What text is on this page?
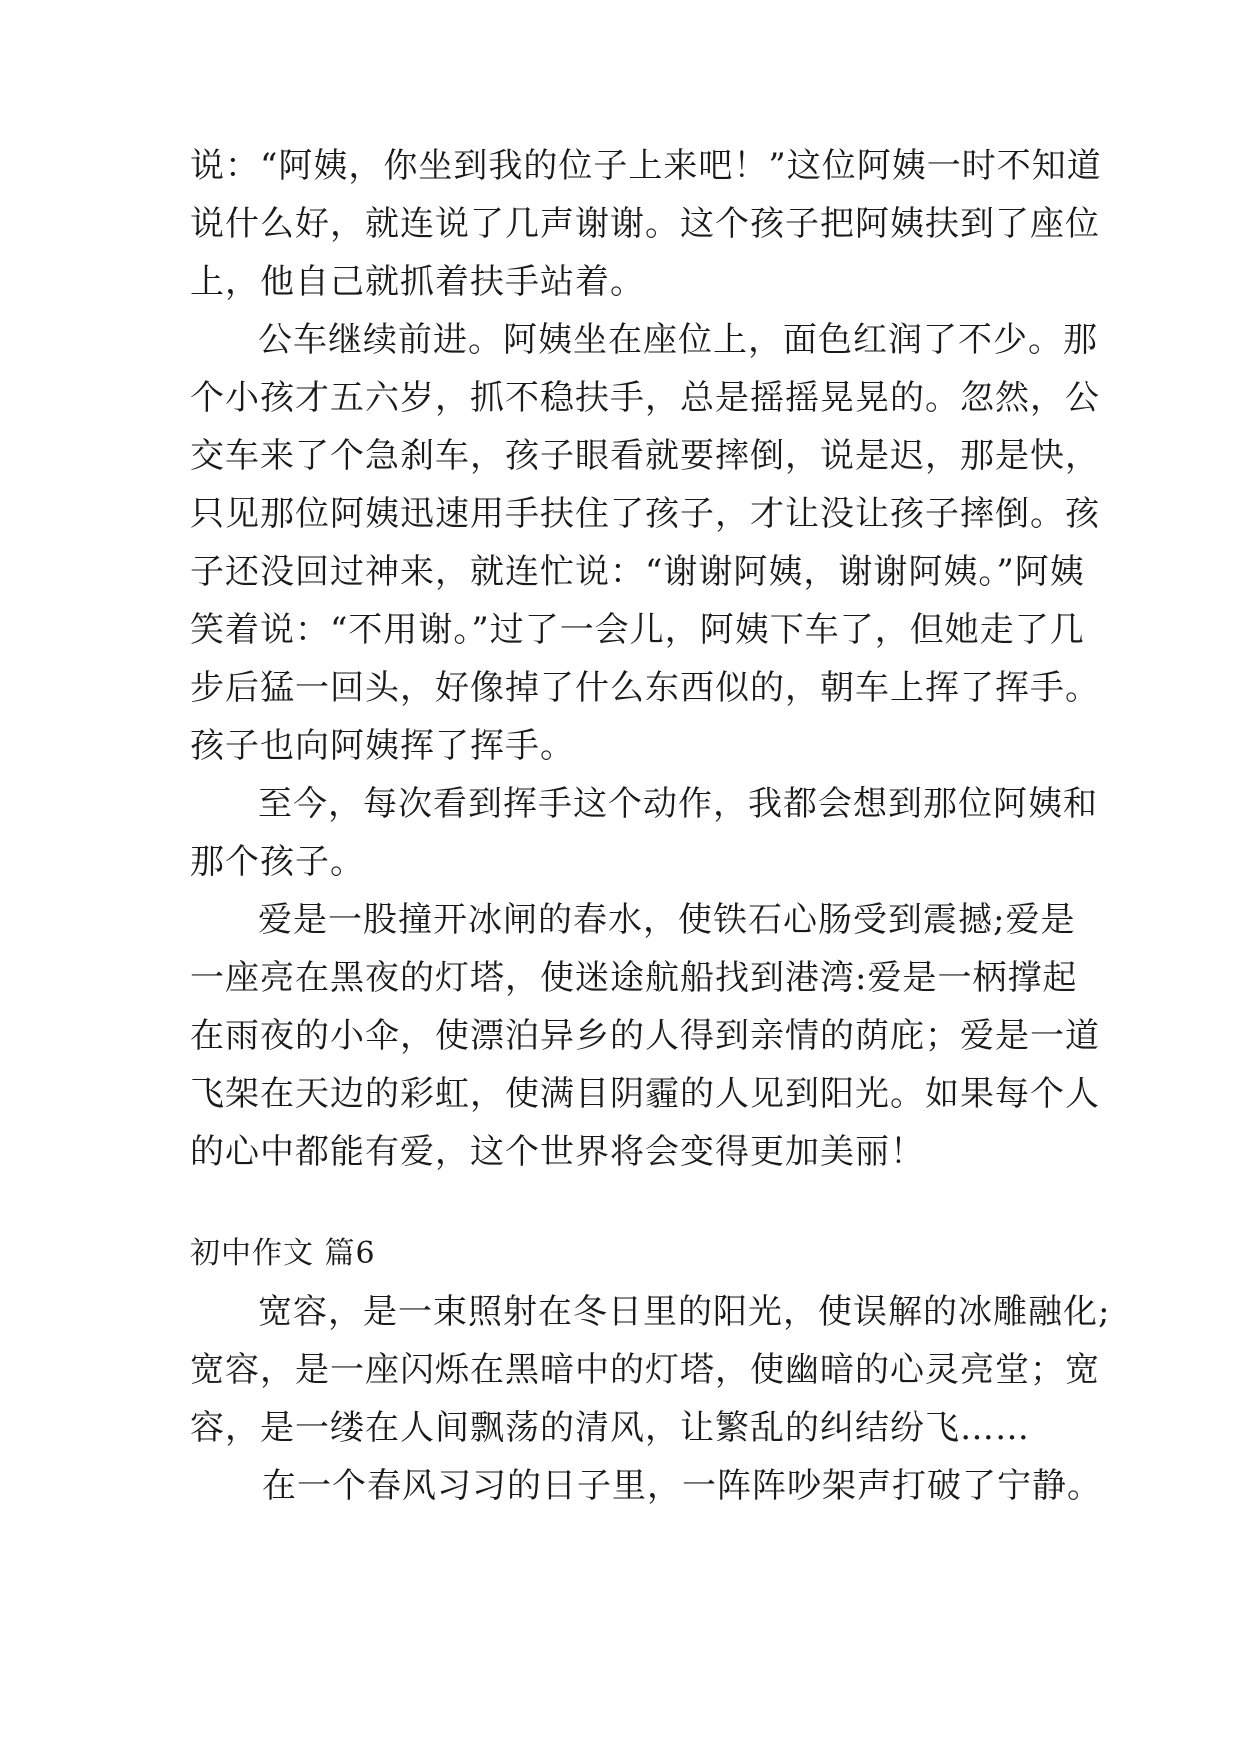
说：“阿姨，你坐到我的位子上来吧！”这位阿姨一时不知道
说什么好，就连说了几声谢谢。这个孩子把阿姨扶到了座位
上，他自己就抓着扶手站着。
公车继续前进。阿姨坐在座位上，面色红润了不少。那
个小孩才五六岁，抓不稳扶手，总是摇摇晃晃的。忽然，公
交车来了个急刹车，孩子眼看就要摔倒，说是迟，那是快，
只见那位阿姨迅速用手扶住了孩子，才让没让孩子摔倒。孩
子还没回过神来，就连忙说：“谢谢阿姨，谢谢阿姨。”阿姨
笑着说：“不用谢。”过了一会儿，阿姨下车了，但她走了几
步后猛一回头，好像掉了什么东西似的，朝车上挥了挥手。
孩子也向阿姨挥了挥手。
至今，每次看到挥手这个动作，我都会想到那位阿姨和
那个孩子。
爱是一股撞开冰闸的春水，使铁石心肠受到震撼;爱是
一座亮在黑夜的灯塔，使迷途航船找到港湾:爱是一柄撑起
在雨夜的小伞，使漂泊异乡的人得到亲情的荫庇；爱是一道
飞架在天边的彩虹，使满目阴霾的人见到阳光。如果每个人
的心中都能有爱，这个世界将会变得更加美丽！
初中作文 篇6
宽容，是一束照射在冬日里的阳光，使误解的冰雕融化;
宽容，是一座闪烁在黑暗中的灯塔，使幽暗的心灵亮堂；宽
容，是一缕在人间飘荡的清风，让繁乱的纠结纷飞……
在一个春风习习的日子里，一阵阵吵架声打破了宁静。
